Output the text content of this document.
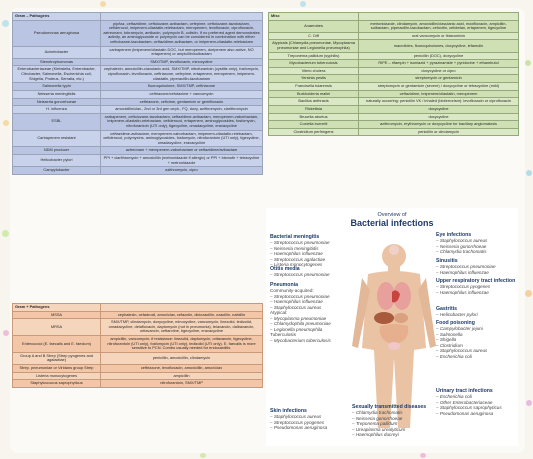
Gram – Pathogens	
Pseudomonas aeruginosa	pip/taz, ceftazidime, ceftolozane-avibactam, cefepime, ceftolozane-tazobactam, cefiderocol, imipenem-cilastatin-relebactam, meropenem, levofloxacin, ciprofloxacin, aztreonam, tobramycin, amikacin, polymyxin B, colistin. If no preferred agent demonstrates activity, an aminoglycoside or polymyxin can be considered in combination with either ceftolozane-tazobactam, ceftazidime-avibactam, or imipenem-cilastatin-relebactam
Acinetobacter	carbapenem (imipenem/cilastatin DOC, but meropenem, doripenem also active, NO ertapenem) or ampicillin/sulbactam
Stenotrophomonas	SMX/TMP, levofloxacin, minocycline
Enterobacteriaceae (Klebsiella, Enterobacter, Citrobacter, Salmonella, Escherichia coli, Shigella, Proteus, Serratia, etc.)	cephalexin, amoxicillin-clavulanic acid, SMX/TMP, nitrofurantoin (cystitis only), fosfomycin, ciprofloxacin, levofloxacin, ceftriaxone, cefepime, ertapenem, meropenem, imipenem-cilastatin, piperacillin-tazobactam
Salmonella typhi	fluoroquinolone, SMX/TMP, ceftriaxone
Neisseria meningitidis	ceftriaxone/cefotaxime + vancomycin
Neisseria gonorrhoeae	ceftriaxone, cefixime, gentamicin or gemifloxacin
H. influenza	amoxicillin/clav., 2nd or 3rd gen ceph., FQ, doxy, azithromycin, clarithromycin
ESBL	carbapenem, ceftolozane-tazobactam, ceftazidime-avibactam, meropenem-vaborbactam, imipenem-cilastatin-relebactam, cefiderocol, ertapenem, aminoglycosides, fosfomycin, nitrofurantoin (UTI only), tigecycline, omadacycline, eravacycline
Carbapenem resistant	ceftazidime-avibactam, meropenem-vaborbactam, imipenem-cilastatin-relebactam, cefiderocol, polymyxins, aminoglycosides, fosfomycin, nitrofurantoin (UTI only), tigecycline, omadacycline, eravacycline
NDM producer	aztreonam + meropenem-vaborbactam or ceftazidime/avibactam
Helicobacter pylori	PPI + clarithromycin + amoxicillin (metronidazole if allergic) or PPI + bismuth + tetracycline + metronidazole
Campylobacter	azithromycin, cipro
Gram + Pathogens	
MSSA	cephalexin, cefadroxil, amox/clav, cefazolin, dicloxacillin, oxacillin, nafcillin
MRSA	SMX/TMP, clindamycin, doxycycline, minocycline, vancomycin, linezolid, tedizolid, omadacycline, delafloxacin, daptomycin (not in pneumonia), telavancin, dalbavancin, oritavancin, ceftaroline, tigecycline, eravacycline
Enterococci (E. faecalis and E. faecium)	ampicillin, vancomycin; if resistance: linezolid, daptomycin, oritavancin, tigecycline, nitrofurantoin (UTI only), fosfomycin (UTI only), tedizolid (UTI only). E. faecalis is more sensitive to PCN. Combo usually needed for endocarditis.
Group A and B Strep (Strep pyogenes and agalactiae)	penicillin, amoxicillin, clindamycin
Strep. pneumoniae or Viridans group Strep	ceftriaxone, levofloxacin, amoxicillin, amox/clav
Listeria monocytogenes	ampicillin
Staphylococcus saprophyticus	nitrofurantoin, SMX/TMP
Misc	
Anaerobes	metronidazole, clindamycin, amoxicillin/clavulanic acid, moxifloxacin, ampicillin-sulbactam, piperacillin-tazobactam, cefoxitin, cefotetan, ertapenem, tigecycline
C. Diff	oral vancomycin or fidaxomicin
Atypicals (Chlamydia pneumoniae, Mycoplasma pneumoniae and Legionella pneumophila)	macrolides, fluoroquinolones, doxycycline, lefamulin
Treponema pallidum (syphilis)	penicillin (DOC), doxycycline
Mycobacterium tuberculosis	RIPE – rifampin + isoniazid + pyrazinamide + pyridoxine + ethambutol
Vibrio cholera	doxycycline or cipro
Yersinia pestis	streptomycin or gentamicin
Francisella tularensis	streptomycin or gentamicin (severe) / doxycycline or tetracycline (mild)
Burkholderia mallei	ceftazidime, imipenem/cilastatin, meropenem
Bacillus anthracis	naturally occurring: penicillin VK / inhaled (bioterrorism): levofloxacin or ciprofloxacin
Rickettsia	doxycycline
Brucella abortus	doxycycline
Coxiella burnetii	azithromycin, erythromycin or doxycycline for bacillary angiomatosis
Clostridium perfringens	penicillin or clindamycin
Overview of
Bacterial infections
Bacterial meningitis
– Streptococcus pneumoniae
– Neisseria meningitidis
– Haemophilus influenzae
– Streptococcus agalactiae
– Listeria monocytogenes
Otitis media
– Streptococcus pneumoniae
Pneumonia
Community-acquired:
– Streptococcus pneumoniae
– Haemophilus influenzae
– Staphylococcus aureus
Atypical:
– Mycoplasma pneumoniae
– Chlamydophila pneumoniae
– Legionella pneumophila
Tuberculosis
– Mycobacterium tuberculosis
Skin infections
– Staphylococcus aureus
– Streptococcus pyogenes
– Pseudomonas aeruginosa
Sexually transmitted diseases
– Chlamydia trachomatis
– Neisseria gonorrhoeae
– Treponema pallidum
– Ureaplasma urealyticum
– Haemophilus ducreyi
Eye infections
– Staphylococcus aureus
– Neisseria gonorrhoeae
– Chlamydia trachomatis
Sinusitis
– Streptococcus pneumoniae
– Haemophilus influenzae
Upper respiratory tract infection
– Streptococcus pyogenes
– Haemophilus influenzae
Gastritis
– Helicobacter pylori
Food poisoning
– Campylobacter jejuni
– Salmonella
– Shigella
– Clostridium
– Staphylococcus aureus
– Escherichia coli
Urinary tract infections
– Escherichia coli
– Other Enterobacteriaceae
– Staphylococcus saprophyticus
– Pseudomonas aeruginosa
